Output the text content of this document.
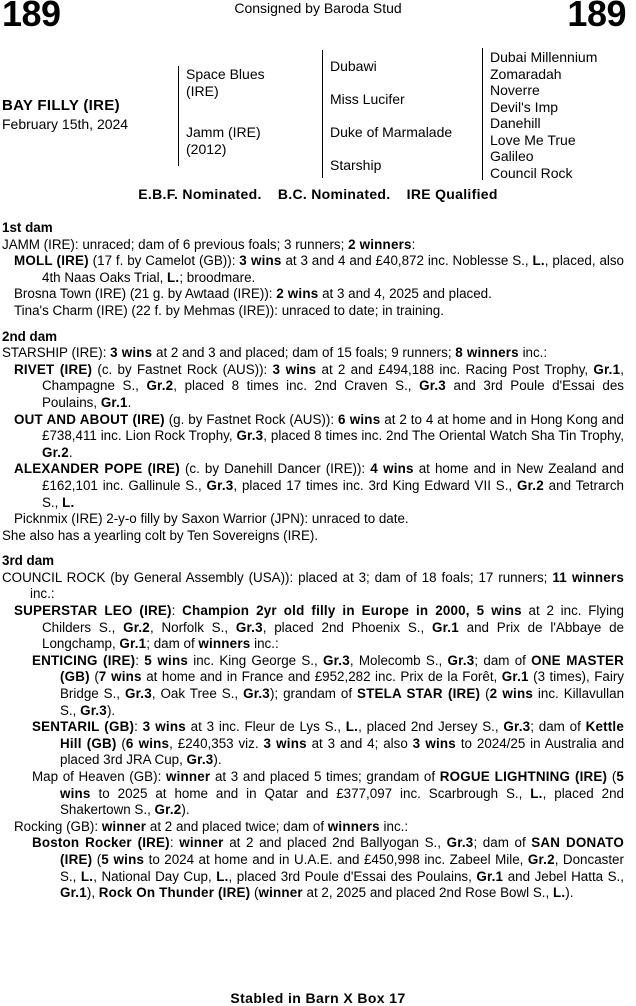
189	Consigned by Baroda Stud	189
BAY FILLY (IRE)
February 15th, 2024
Space Blues
(IRE)
Jamm (IRE)
(2012)
Dubawi
Miss Lucifer
Duke of Marmalade
Starship
Dubai Millennium
Zomaradah
Noverre
Devil's Imp
Danehill
Love Me True
Galileo
Council Rock
E.B.F. Nominated. B.C. Nominated. IRE Qualified
1st dam
JAMM (IRE): unraced; dam of 6 previous foals; 3 runners; 2 winners:
MOLL (IRE) (17 f. by Camelot (GB)): 3 wins at 3 and 4 and £40,872 inc. Noblesse S., L., placed, also 4th Naas Oaks Trial, L.; broodmare.
Brosna Town (IRE) (21 g. by Awtaad (IRE)): 2 wins at 3 and 4, 2025 and placed.
Tina's Charm (IRE) (22 f. by Mehmas (IRE)): unraced to date; in training.
2nd dam
STARSHIP (IRE): 3 wins at 2 and 3 and placed; dam of 15 foals; 9 runners; 8 winners inc.:
RIVET (IRE) (c. by Fastnet Rock (AUS)): 3 wins at 2 and £494,188 inc. Racing Post Trophy, Gr.1, Champagne S., Gr.2, placed 8 times inc. 2nd Craven S., Gr.3 and 3rd Poule d'Essai des Poulains, Gr.1.
OUT AND ABOUT (IRE) (g. by Fastnet Rock (AUS)): 6 wins at 2 to 4 at home and in Hong Kong and £738,411 inc. Lion Rock Trophy, Gr.3, placed 8 times inc. 2nd The Oriental Watch Sha Tin Trophy, Gr.2.
ALEXANDER POPE (IRE) (c. by Danehill Dancer (IRE)): 4 wins at home and in New Zealand and £162,101 inc. Gallinule S., Gr.3, placed 17 times inc. 3rd King Edward VII S., Gr.2 and Tetrarch S., L.
Picknmix (IRE) 2-y-o filly by Saxon Warrior (JPN): unraced to date.
She also has a yearling colt by Ten Sovereigns (IRE).
3rd dam
COUNCIL ROCK (by General Assembly (USA)): placed at 3; dam of 18 foals; 17 runners; 11 winners inc.:
SUPERSTAR LEO (IRE): Champion 2yr old filly in Europe in 2000, 5 wins at 2 inc. Flying Childers S., Gr.2, Norfolk S., Gr.3, placed 2nd Phoenix S., Gr.1 and Prix de l'Abbaye de Longchamp, Gr.1; dam of winners inc.:
ENTICING (IRE): 5 wins inc. King George S., Gr.3, Molecomb S., Gr.3; dam of ONE MASTER (GB) (7 wins at home and in France and £952,282 inc. Prix de la Forêt, Gr.1 (3 times), Fairy Bridge S., Gr.3, Oak Tree S., Gr.3); grandam of STELA STAR (IRE) (2 wins inc. Killavullan S., Gr.3).
SENTARIL (GB): 3 wins at 3 inc. Fleur de Lys S., L., placed 2nd Jersey S., Gr.3; dam of Kettle Hill (GB) (6 wins, £240,353 viz. 3 wins at 3 and 4; also 3 wins to 2024/25 in Australia and placed 3rd JRA Cup, Gr.3).
Map of Heaven (GB): winner at 3 and placed 5 times; grandam of ROGUE LIGHTNING (IRE) (5 wins to 2025 at home and in Qatar and £377,097 inc. Scarbrough S., L., placed 2nd Shakertown S., Gr.2).
Rocking (GB): winner at 2 and placed twice; dam of winners inc.:
Boston Rocker (IRE): winner at 2 and placed 2nd Ballyogan S., Gr.3; dam of SAN DONATO (IRE) (5 wins to 2024 at home and in U.A.E. and £450,998 inc. Zabeel Mile, Gr.2, Doncaster S., L., National Day Cup, L., placed 3rd Poule d'Essai des Poulains, Gr.1 and Jebel Hatta S., Gr.1), Rock On Thunder (IRE) (winner at 2, 2025 and placed 2nd Rose Bowl S., L.).
Stabled in Barn X Box 17
